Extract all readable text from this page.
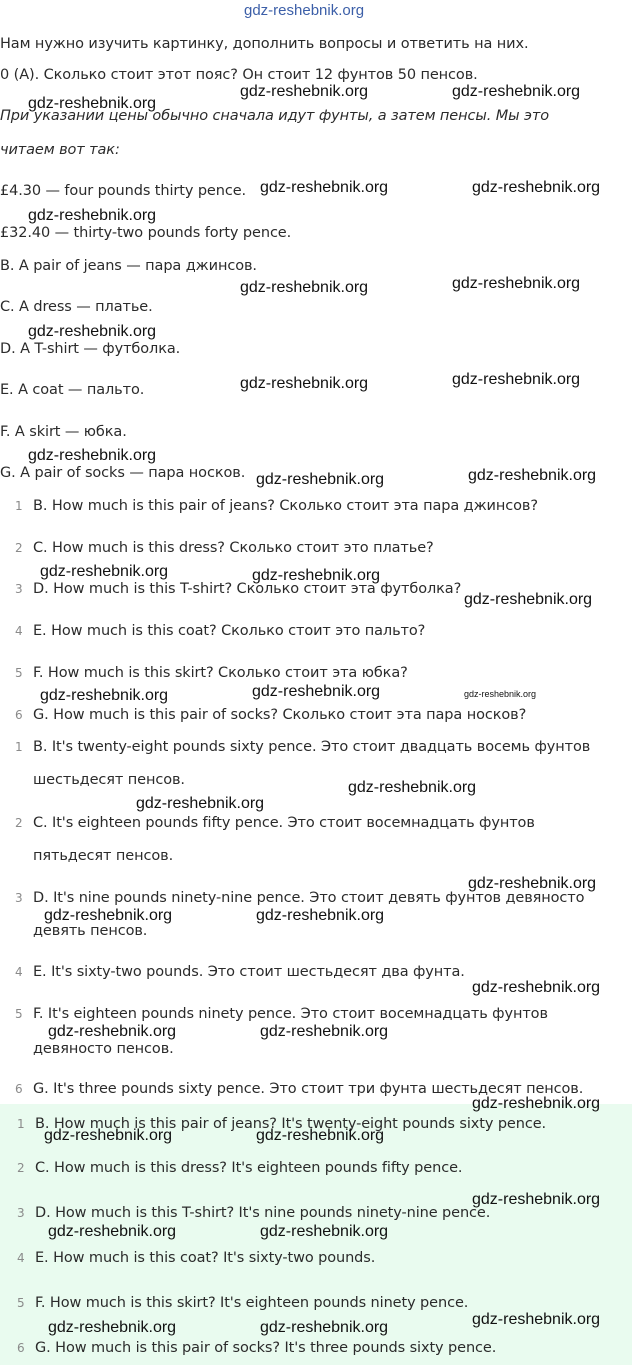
Нам нужно изучить картинку, дополнить вопросы и ответить на них.
0 (А). Сколько стоит этот пояс? Он стоит 12 фунтов 50 пенсов.
При указании цены обычно сначала идут фунты, а затем пенсы. Мы это
читаем вот так:
£4.30 — four pounds thirty pence.
£32.40 — thirty-two pounds forty pence.
B. A pair of jeans — пара джинсов.
C. A dress — платье.
D. A T-shirt — футболка.
E. A coat — пальто.
F. A skirt — юбка.
G. A pair of socks — пара носков.
1 B. How much is this pair of jeans? Сколько стоит эта пара джинсов?
2 C. How much is this dress? Сколько стоит это платье?
3 D. How much is this T-shirt? Сколько стоит эта футболка?
4 E. How much is this coat? Сколько стоит это пальто?
5 F. How much is this skirt? Сколько стоит эта юбка?
6 G. How much is this pair of socks? Сколько стоит эта пара носков?
1 B. It's twenty-eight pounds sixty pence. Это стоит двадцать восемь фунтов
шестьдесят пенсов.
2 C. It's eighteen pounds fifty pence. Это стоит восемнадцать фунтов
пятьдесят пенсов.
3 D. It's nine pounds ninety-nine pence. Это стоит девять фунтов девяносто
девять пенсов.
4 E. It's sixty-two pounds. Это стоит шестьдесят два фунта.
5 F. It's eighteen pounds ninety pence. Это стоит восемнадцать фунтов
девяносто пенсов.
6 G. It's three pounds sixty pence. Это стоит три фунта шестьдесят пенсов.
1 B. How much is this pair of jeans? It's twenty-eight pounds sixty pence.
2 C. How much is this dress? It's eighteen pounds fifty pence.
3 D. How much is this T-shirt? It's nine pounds ninety-nine pence.
4 E. How much is this coat? It's sixty-two pounds.
5 F. How much is this skirt? It's eighteen pounds ninety pence.
6 G. How much is this pair of socks? It's three pounds sixty pence.
gdz-reshebnik.org
gdz-reshebnik.org	gdz-reshebnik.org
gdz-reshebnik.org
gdz-reshebnik.org	gdz-reshebnik.org
gdz-reshebnik.org
gdz-reshebnik.org	gdz-reshebnik.org
gdz-reshebnik.org
gdz-reshebnik.org	gdz-reshebnik.org
gdz-reshebnik.org
gdz-reshebnik.org	gdz-reshebnik.org
gdz-reshebnik.org	gdz-reshebnik.org
gdz-reshebnik.org
gdz-reshebnik.org	gdz-reshebnik.org	gdz-reshebnik.org
gdz-reshebnik.org
gdz-reshebnik.org
gdz-reshebnik.org
gdz-reshebnik.org	gdz-reshebnik.org
gdz-reshebnik.org
gdz-reshebnik.org	gdz-reshebnik.org
gdz-reshebnik.org
gdz-reshebnik.org	gdz-reshebnik.org
gdz-reshebnik.org
gdz-reshebnik.org	gdz-reshebnik.org
gdz-reshebnik.org	gdz-reshebnik.org	gdz-reshebnik.org
